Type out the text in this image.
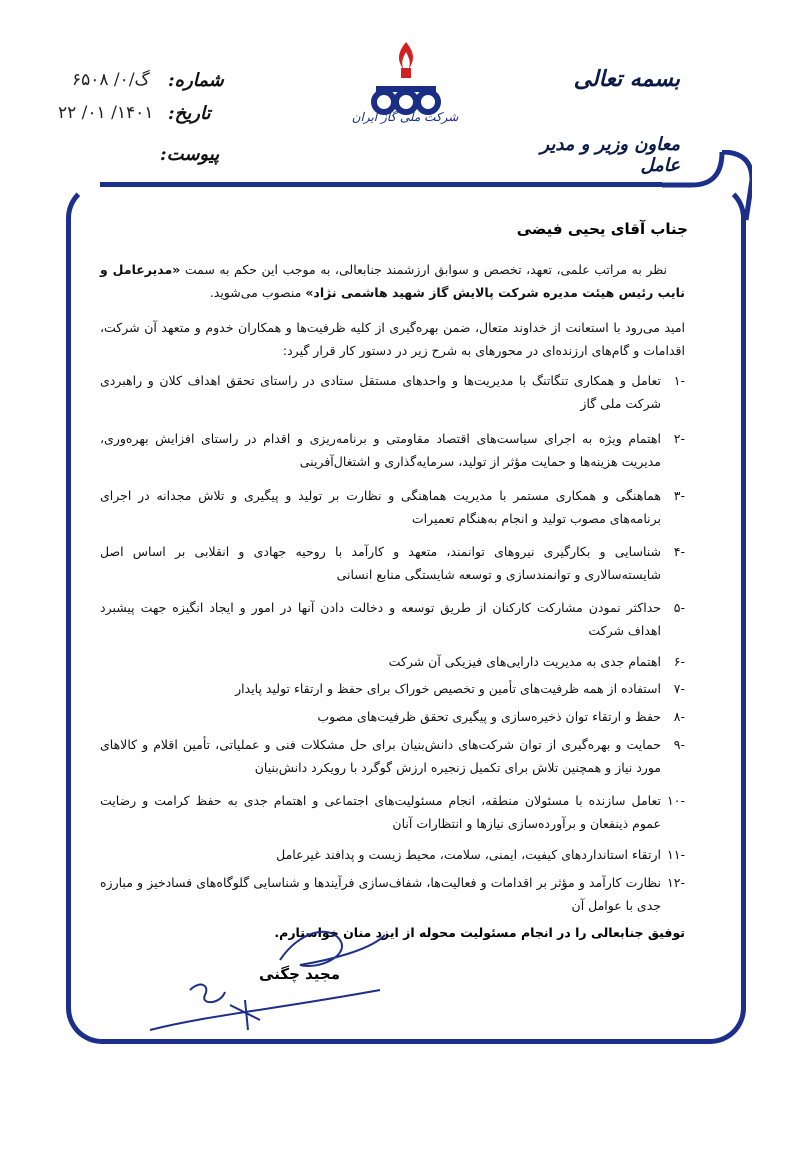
شماره:
گ/۰/ ۶۵۰۸
تاریخ:
۱۴۰۱/ ۰۱/ ۲۲
پیوست:
شرکت ملی گاز ایران
بسمه تعالی
معاون وزیر و مدیر عامل
جناب آقای یحیی فیضی
نظر به مراتب علمی، تعهد، تخصص و سوابق ارزشمند جنابعالی، به موجب این حکم به سمت «مدیرعامل و نایب رئیس هیئت مدیره شرکت پالایش گاز شهید هاشمی نژاد» منصوب می‌شوید.
امید می‌رود با استعانت از خداوند متعال، ضمن بهره‌گیری از کلیه ظرفیت‌ها و همکاران خدوم و متعهد آن شرکت، اقدامات و گام‌های ارزنده‌ای در محورهای به شرح زیر در دستور کار قرار گیرد:
-۱
تعامل و همکاری تنگاتنگ با مدیریت‌ها و واحدهای مستقل ستادی در راستای تحقق اهداف کلان و راهبردی شرکت ملی گاز
-۲
اهتمام ویژه به اجرای سیاست‌های اقتصاد مقاومتی و برنامه‌ریزی و اقدام در راستای افزایش بهره‌وری، مدیریت هزینه‌ها و حمایت مؤثر از تولید، سرمایه‌گذاری و اشتغال‌آفرینی
-۳
هماهنگی و همکاری مستمر با مدیریت هماهنگی و نظارت بر تولید و پیگیری و تلاش مجدانه در اجرای برنامه‌های مصوب تولید و انجام به‌هنگام تعمیرات
-۴
شناسایی و بکارگیری نیروهای توانمند، متعهد و کارآمد با روحیه جهادی و انقلابی بر اساس اصل شایسته‌سالاری و توانمندسازی و توسعه شایستگی منابع انسانی
-۵
حداکثر نمودن مشارکت کارکنان از طریق توسعه و دخالت دادن آنها در امور و ایجاد انگیزه جهت پیشبرد اهداف شرکت
-۶
اهتمام جدی به مدیریت دارایی‌های فیزیکی آن شرکت
-۷
استفاده از همه ظرفیت‌های تأمین و تخصیص خوراک برای حفظ و ارتقاء تولید پایدار
-۸
حفظ و ارتقاء توان ذخیره‌سازی و پیگیری تحقق ظرفیت‌های مصوب
-۹
حمایت و بهره‌گیری از توان شرکت‌های دانش‌بنیان برای حل مشکلات فنی و عملیاتی، تأمین اقلام و کالاهای مورد نیاز و همچنین تلاش برای تکمیل زنجیره ارزش گوگرد با رویکرد دانش‌بنیان
-۱۰
تعامل سازنده با مسئولان منطقه، انجام مسئولیت‌های اجتماعی و اهتمام جدی به حفظ کرامت و رضایت عموم ذینفعان و برآورده‌سازی نیازها و انتظارات آنان
-۱۱
ارتقاء استانداردهای کیفیت، ایمنی، سلامت، محیط زیست و پدافند غیرعامل
-۱۲
نظارت کارآمد و مؤثر بر اقدامات و فعالیت‌ها، شفاف‌سازی فرآیندها و شناسایی گلوگاه‌های فسادخیز و مبارزه جدی با عوامل آن
توفیق جنابعالی را در انجام مسئولیت محوله از ایزد منان خواستارم.
مجید چگنی
